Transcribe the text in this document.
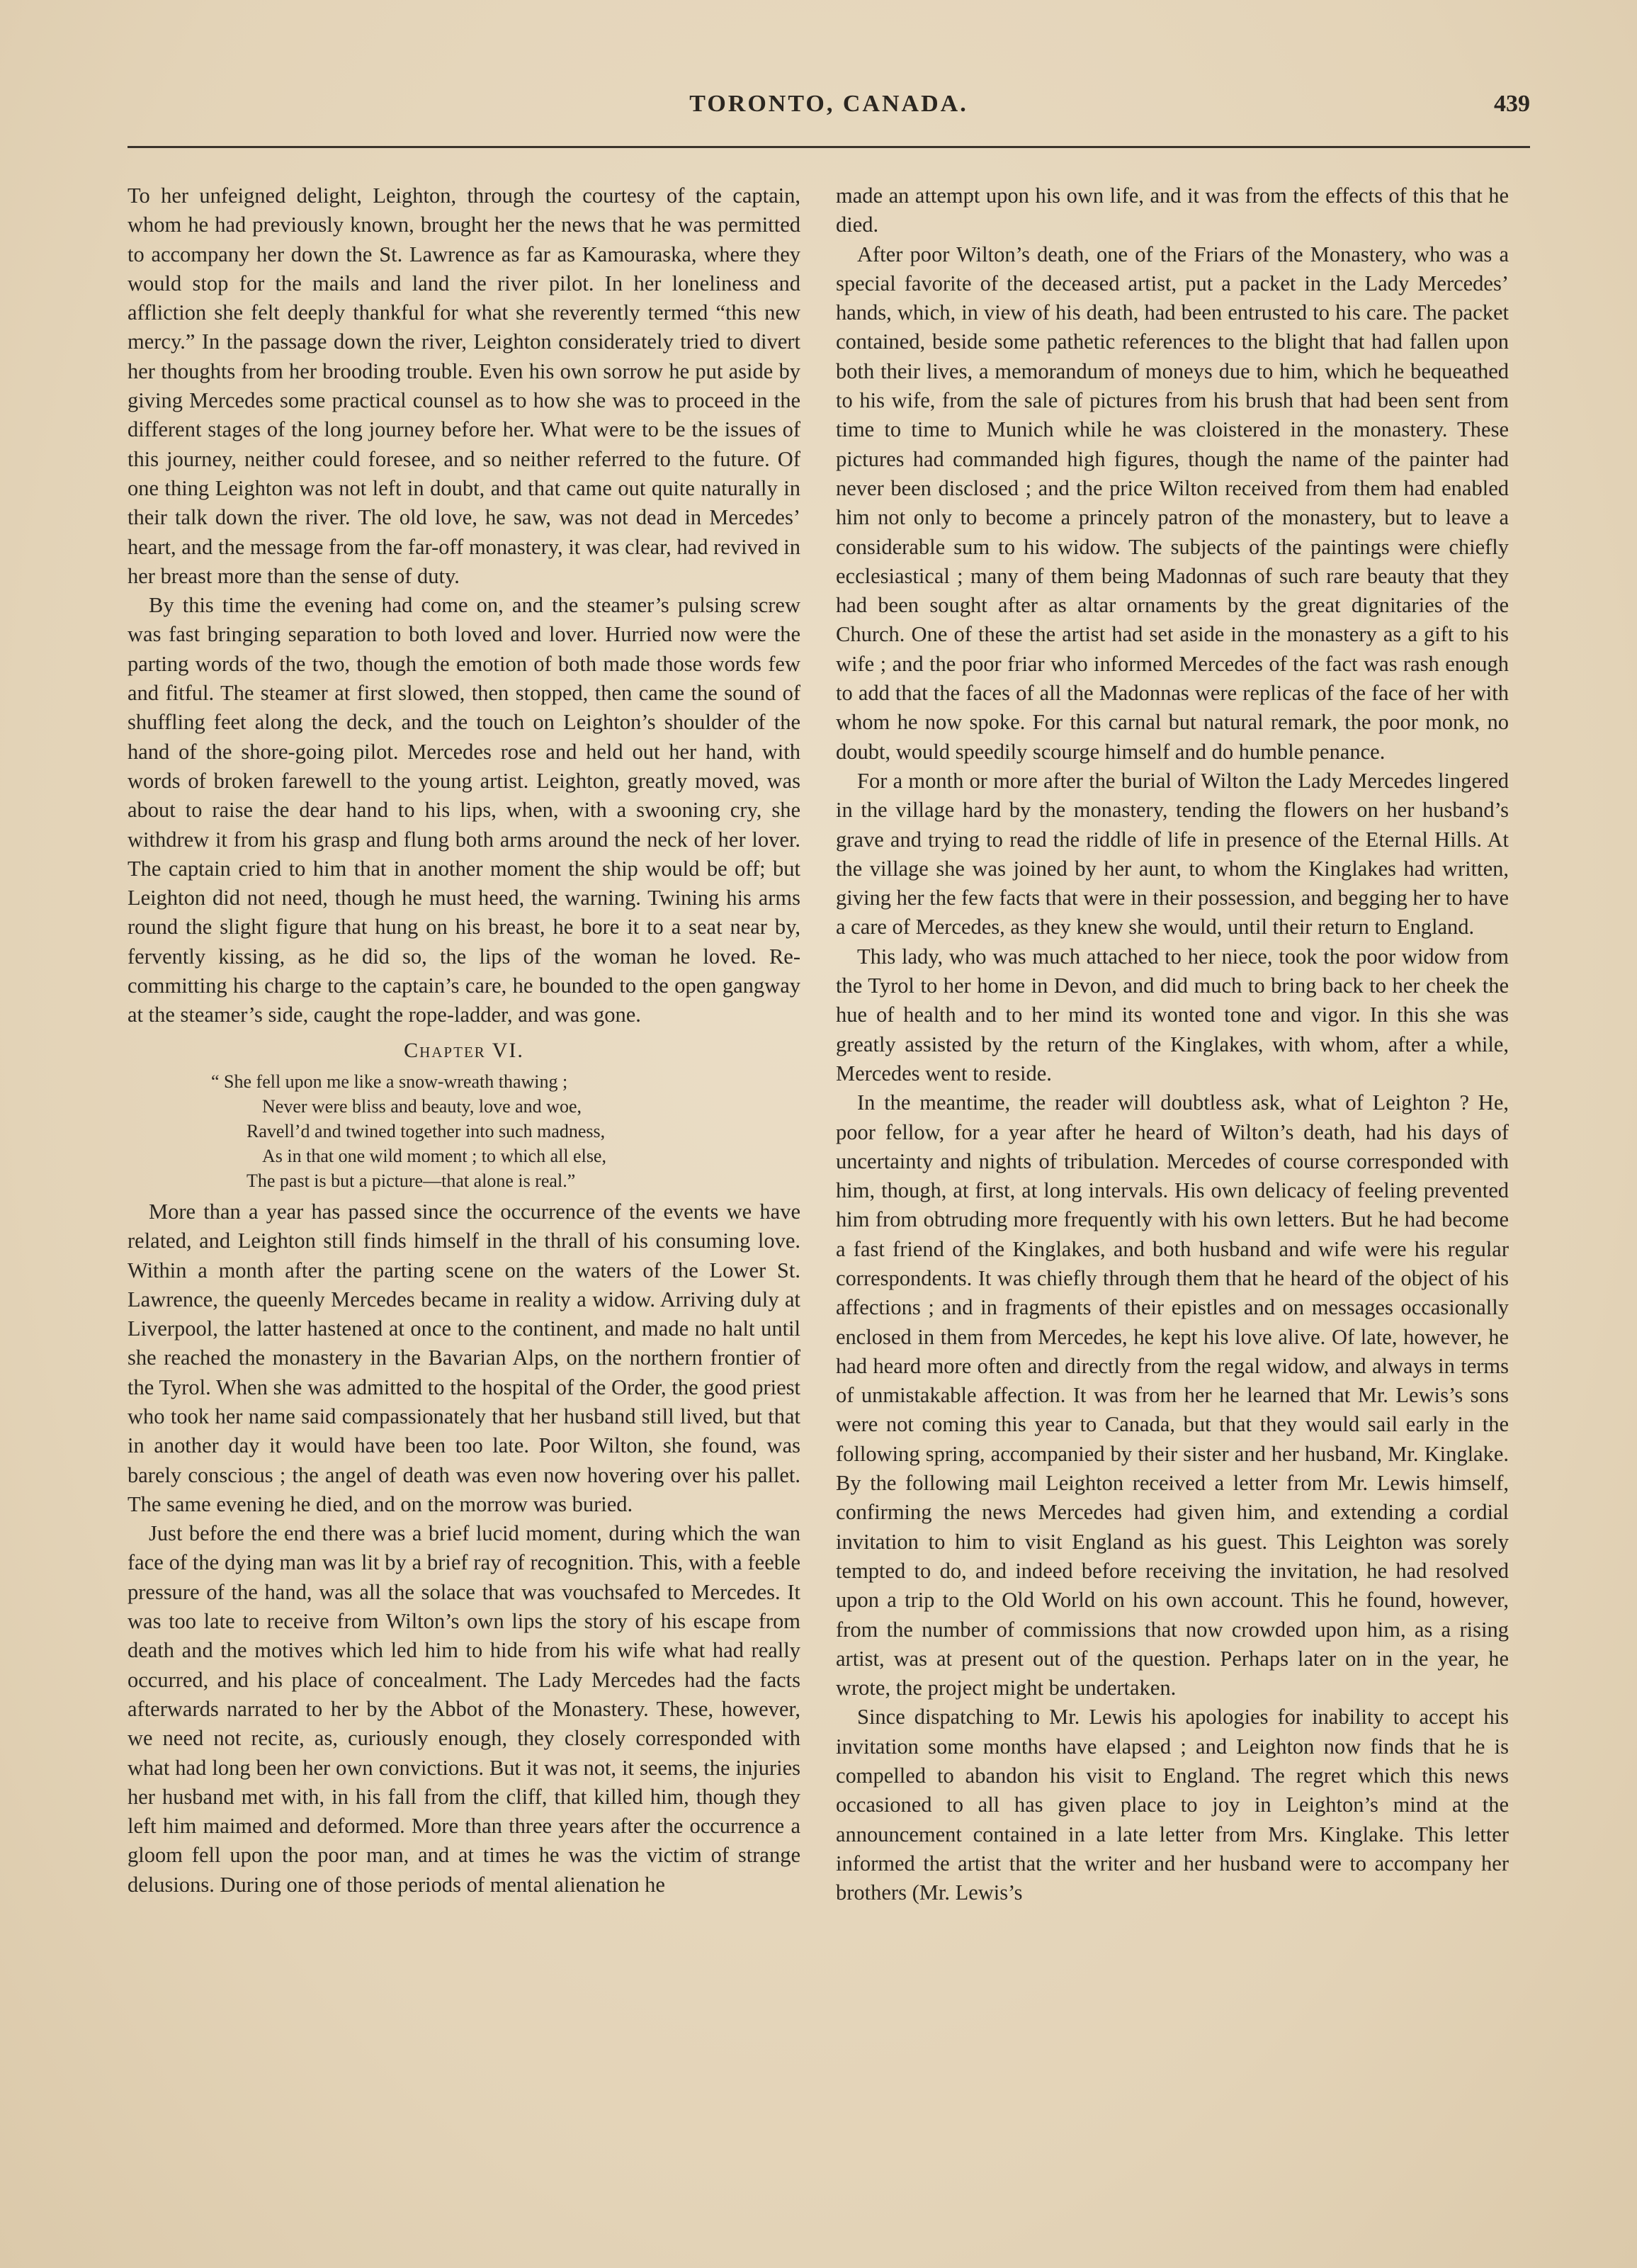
TORONTO, CANADA.	439

To her unfeigned delight, Leighton, through the courtesy of the captain, whom he had previously known, brought her the news that he was permitted to accompany her down the St. Lawrence as far as Kamouraska, where they would stop for the mails and land the river pilot. In her loneliness and affliction she felt deeply thankful for what she reverently termed “this new mercy.” In the passage down the river, Leighton considerately tried to divert her thoughts from her brooding trouble. Even his own sorrow he put aside by giving Mercedes some practical counsel as to how she was to proceed in the different stages of the long journey before her. What were to be the issues of this journey, neither could foresee, and so neither referred to the future. Of one thing Leighton was not left in doubt, and that came out quite naturally in their talk down the river. The old love, he saw, was not dead in Mercedes’ heart, and the message from the far-off monastery, it was clear, had revived in her breast more than the sense of duty.

By this time the evening had come on, and the steamer’s pulsing screw was fast bringing separation to both loved and lover. Hurried now were the parting words of the two, though the emotion of both made those words few and fitful. The steamer at first slowed, then stopped, then came the sound of shuffling feet along the deck, and the touch on Leighton’s shoulder of the hand of the shore-going pilot. Mercedes rose and held out her hand, with words of broken farewell to the young artist. Leighton, greatly moved, was about to raise the dear hand to his lips, when, with a swooning cry, she withdrew it from his grasp and flung both arms around the neck of her lover. The captain cried to him that in another moment the ship would be off; but Leighton did not need, though he must heed, the warning. Twining his arms round the slight figure that hung on his breast, he bore it to a seat near by, fervently kissing, as he did so, the lips of the woman he loved. Re-committing his charge to the captain’s care, he bounded to the open gangway at the steamer’s side, caught the rope-ladder, and was gone.

Chapter VI.
“ She fell upon me like a snow-wreath thawing ;
Never were bliss and beauty, love and woe,
Ravell’d and twined together into such madness,
As in that one wild moment ; to which all else,
The past is but a picture—that alone is real.”

More than a year has passed since the occurrence of the events we have related, and Leighton still finds himself in the thrall of his consuming love. Within a month after the parting scene on the waters of the Lower St. Lawrence, the queenly Mercedes became in reality a widow. Arriving duly at Liverpool, the latter hastened at once to the continent, and made no halt until she reached the monastery in the Bavarian Alps, on the northern frontier of the Tyrol. When she was admitted to the hospital of the Order, the good priest who took her name said compassionately that her husband still lived, but that in another day it would have been too late. Poor Wilton, she found, was barely conscious ; the angel of death was even now hovering over his pallet. The same evening he died, and on the morrow was buried.

Just before the end there was a brief lucid moment, during which the wan face of the dying man was lit by a brief ray of recognition. This, with a feeble pressure of the hand, was all the solace that was vouchsafed to Mercedes. It was too late to receive from Wilton’s own lips the story of his escape from death and the motives which led him to hide from his wife what had really occurred, and his place of concealment. The Lady Mercedes had the facts afterwards narrated to her by the Abbot of the Monastery. These, however, we need not recite, as, curiously enough, they closely corresponded with what had long been her own convictions. But it was not, it seems, the injuries her husband met with, in his fall from the cliff, that killed him, though they left him maimed and deformed. More than three years after the occurrence a gloom fell upon the poor man, and at times he was the victim of strange delusions. During one of those periods of mental alienation he

made an attempt upon his own life, and it was from the effects of this that he died.

After poor Wilton’s death, one of the Friars of the Monastery, who was a special favorite of the deceased artist, put a packet in the Lady Mercedes’ hands, which, in view of his death, had been entrusted to his care. The packet contained, beside some pathetic references to the blight that had fallen upon both their lives, a memorandum of moneys due to him, which he bequeathed to his wife, from the sale of pictures from his brush that had been sent from time to time to Munich while he was cloistered in the monastery. These pictures had commanded high figures, though the name of the painter had never been disclosed ; and the price Wilton received from them had enabled him not only to become a princely patron of the monastery, but to leave a considerable sum to his widow. The subjects of the paintings were chiefly ecclesiastical ; many of them being Madonnas of such rare beauty that they had been sought after as altar ornaments by the great dignitaries of the Church. One of these the artist had set aside in the monastery as a gift to his wife ; and the poor friar who informed Mercedes of the fact was rash enough to add that the faces of all the Madonnas were replicas of the face of her with whom he now spoke. For this carnal but natural remark, the poor monk, no doubt, would speedily scourge himself and do humble penance.

For a month or more after the burial of Wilton the Lady Mercedes lingered in the village hard by the monastery, tending the flowers on her husband’s grave and trying to read the riddle of life in presence of the Eternal Hills. At the village she was joined by her aunt, to whom the Kinglakes had written, giving her the few facts that were in their possession, and begging her to have a care of Mercedes, as they knew she would, until their return to England.

This lady, who was much attached to her niece, took the poor widow from the Tyrol to her home in Devon, and did much to bring back to her cheek the hue of health and to her mind its wonted tone and vigor. In this she was greatly assisted by the return of the Kinglakes, with whom, after a while, Mercedes went to reside.

In the meantime, the reader will doubtless ask, what of Leighton ? He, poor fellow, for a year after he heard of Wilton’s death, had his days of uncertainty and nights of tribulation. Mercedes of course corresponded with him, though, at first, at long intervals. His own delicacy of feeling prevented him from obtruding more frequently with his own letters. But he had become a fast friend of the Kinglakes, and both husband and wife were his regular correspondents. It was chiefly through them that he heard of the object of his affections ; and in fragments of their epistles and on messages occasionally enclosed in them from Mercedes, he kept his love alive. Of late, however, he had heard more often and directly from the regal widow, and always in terms of unmistakable affection. It was from her he learned that Mr. Lewis’s sons were not coming this year to Canada, but that they would sail early in the following spring, accompanied by their sister and her husband, Mr. Kinglake. By the following mail Leighton received a letter from Mr. Lewis himself, confirming the news Mercedes had given him, and extending a cordial invitation to him to visit England as his guest. This Leighton was sorely tempted to do, and indeed before receiving the invitation, he had resolved upon a trip to the Old World on his own account. This he found, however, from the number of commissions that now crowded upon him, as a rising artist, was at present out of the question. Perhaps later on in the year, he wrote, the project might be undertaken.

Since dispatching to Mr. Lewis his apologies for inability to accept his invitation some months have elapsed ; and Leighton now finds that he is compelled to abandon his visit to England. The regret which this news occasioned to all has given place to joy in Leighton’s mind at the announcement contained in a late letter from Mrs. Kinglake. This letter informed the artist that the writer and her husband were to accompany her brothers (Mr. Lewis’s
